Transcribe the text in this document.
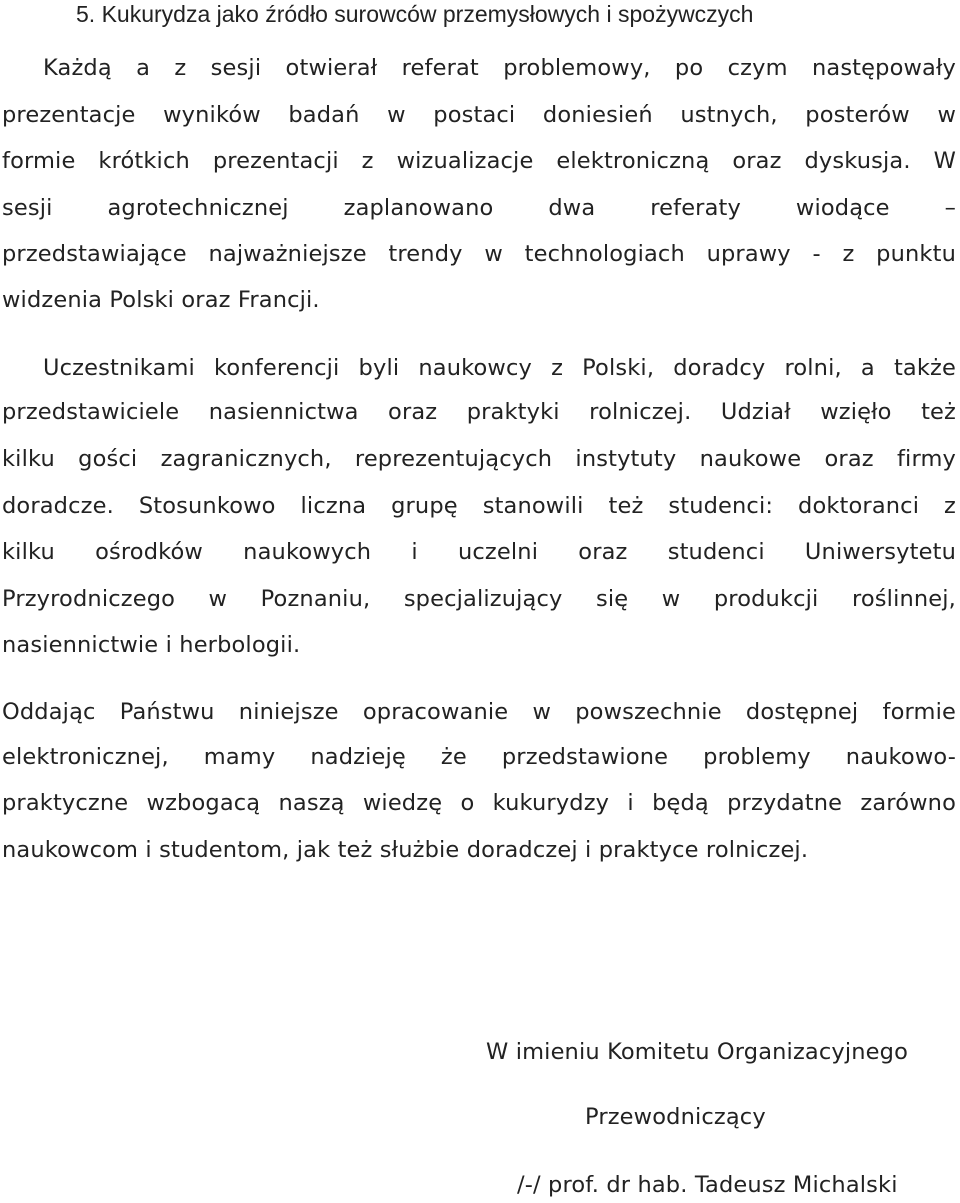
5. Kukurydza jako źródło surowców przemysłowych i spożywczych
Każdą a z sesji otwierał referat problemowy, po czym następowały
prezentacje wyników badań w postaci doniesień ustnych, posterów w
formie krótkich prezentacji z wizualizacje elektroniczną oraz dyskusja. W
sesji agrotechnicznej zaplanowano dwa referaty wiodące –
przedstawiające najważniejsze trendy w technologiach uprawy - z punktu
widzenia Polski oraz Francji.
Uczestnikami konferencji byli naukowcy z Polski, doradcy rolni, a także
przedstawiciele nasiennictwa oraz praktyki rolniczej. Udział wzięło też
kilku gości zagranicznych, reprezentujących instytuty naukowe oraz firmy
doradcze. Stosunkowo liczna grupę stanowili też studenci: doktoranci z
kilku ośrodków naukowych i uczelni oraz studenci Uniwersytetu
Przyrodniczego w Poznaniu, specjalizujący się w produkcji roślinnej,
nasiennictwie i herbologii.
Oddając Państwu niniejsze opracowanie w powszechnie dostępnej formie
elektronicznej, mamy nadzieję że przedstawione problemy naukowo-
praktyczne wzbogacą naszą wiedzę o kukurydzy i będą przydatne zarówno
naukowcom i studentom, jak też służbie doradczej i praktyce rolniczej.
W imieniu Komitetu Organizacyjnego
Przewodniczący
/-/ prof. dr hab. Tadeusz Michalski
